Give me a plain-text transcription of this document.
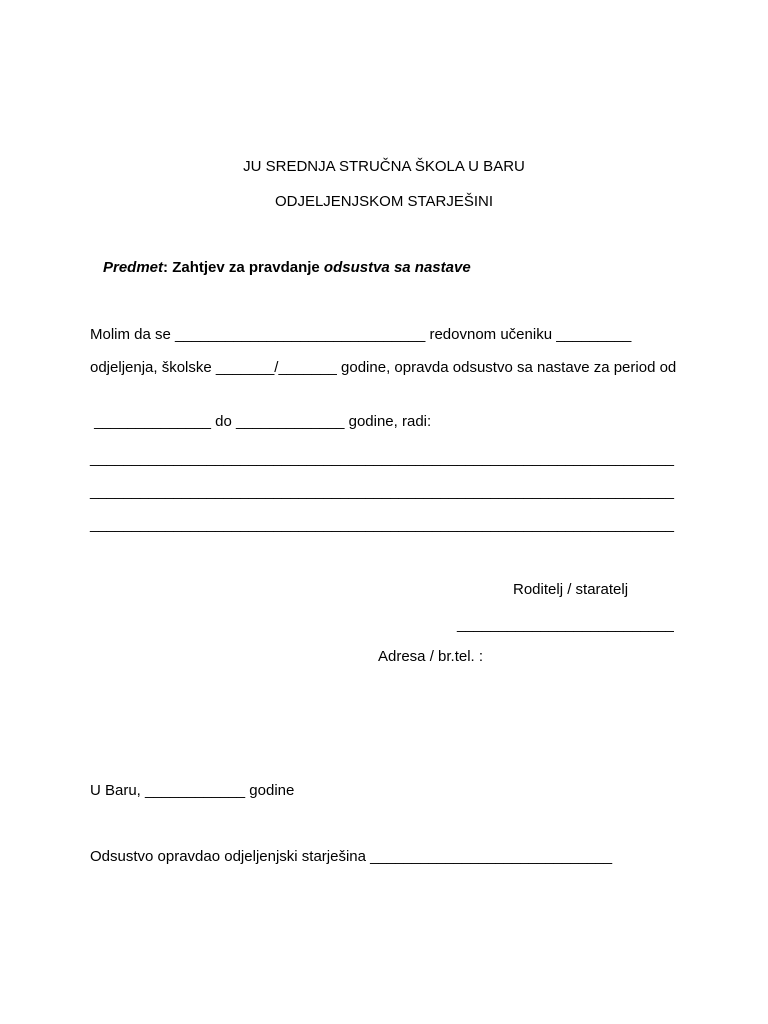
JU SREDNJA STRUČNA ŠKOLA U BARU
ODJELJENJSKOM STARJEŠINI
Predmet: Zahtjev za pravdanje odsustva sa nastave
Molim da se ______________________________ redovnom učeniku _________
odjeljenja, školske _______/_______ godine, opravda odsustvo sa nastave za period od
______________ do _____________ godine, radi:
______________________________________________________________________
______________________________________________________________________
______________________________________________________________________
Roditelj / staratelj
__________________________
Adresa / br.tel. :
U Baru, ____________ godine
Odsustvo opravdao odjeljenjski starješina _____________________________
